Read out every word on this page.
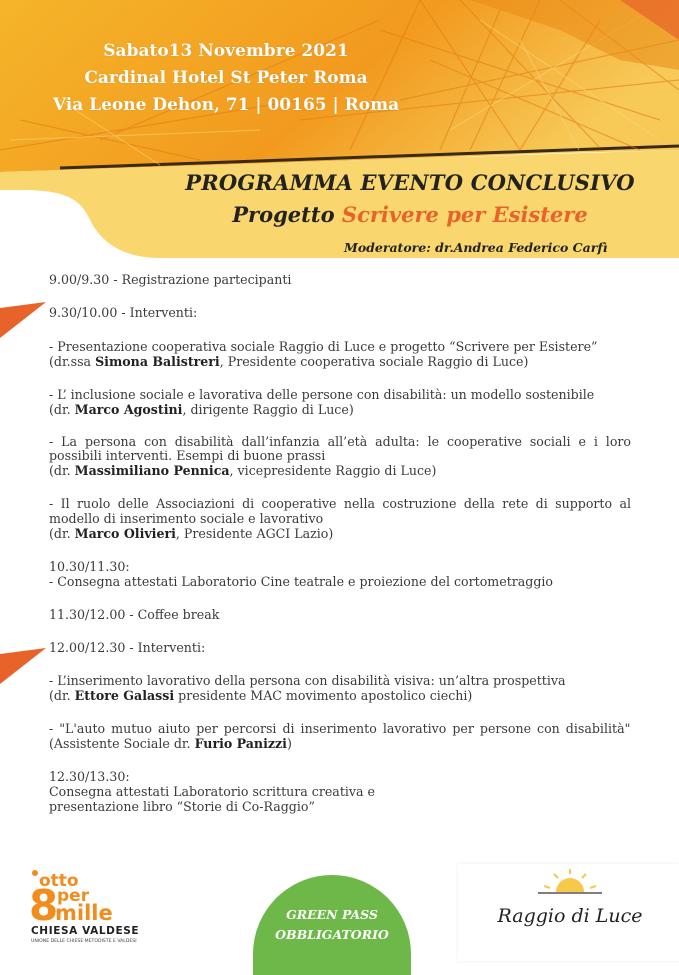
Sabato13 Novembre 2021
Cardinal Hotel St Peter Roma
Via Leone Dehon, 71 | 00165 | Roma
PROGRAMMA EVENTO CONCLUSIVO
Progetto Scrivere per Esistere
Moderatore: dr.Andrea Federico Carfì

9.00/9.30 - Registrazione partecipanti

9.30/10.00 - Interventi:

- Presentazione cooperativa sociale Raggio di Luce e progetto “Scrivere per Esistere”

(dr.ssa Simona Balistreri, Presidente cooperativa sociale Raggio di Luce)

- L’ inclusione sociale e lavorativa delle persone con disabilità: un modello sostenibile

(dr. Marco Agostini, dirigente Raggio di Luce)

- La persona con disabilità dall’infanzia all’età adulta: le cooperative sociali e i loro possibili interventi. Esempi di buone prassi

(dr. Massimiliano Pennica, vicepresidente Raggio di Luce)

- Il ruolo delle Associazioni di cooperative nella costruzione della rete di supporto al modello di inserimento sociale e lavorativo

(dr. Marco Olivieri, Presidente AGCI Lazio)

10.30/11.30:

- Consegna attestati Laboratorio Cine teatrale e proiezione del cortometraggio

11.30/12.00 - Coffee break

12.00/12.30 - Interventi:

- L’inserimento lavorativo della persona con disabilità visiva: un’altra prospettiva

(dr. Ettore Galassi presidente MAC movimento apostolico ciechi)

- "L'auto mutuo aiuto per percorsi di inserimento lavorativo per persone con disabilità"

(Assistente Sociale dr. Furio Panizzi)

12.30/13.30:

Consegna attestati Laboratorio scrittura creativa e

presentazione libro “Storie di Co-Raggio”

otto
8
per
mille
CHIESA VALDESE
UNIONE DELLE CHIESE METODISTE E VALDESI
GREEN PASS
OBBLIGATORIO
Raggio di Luce
